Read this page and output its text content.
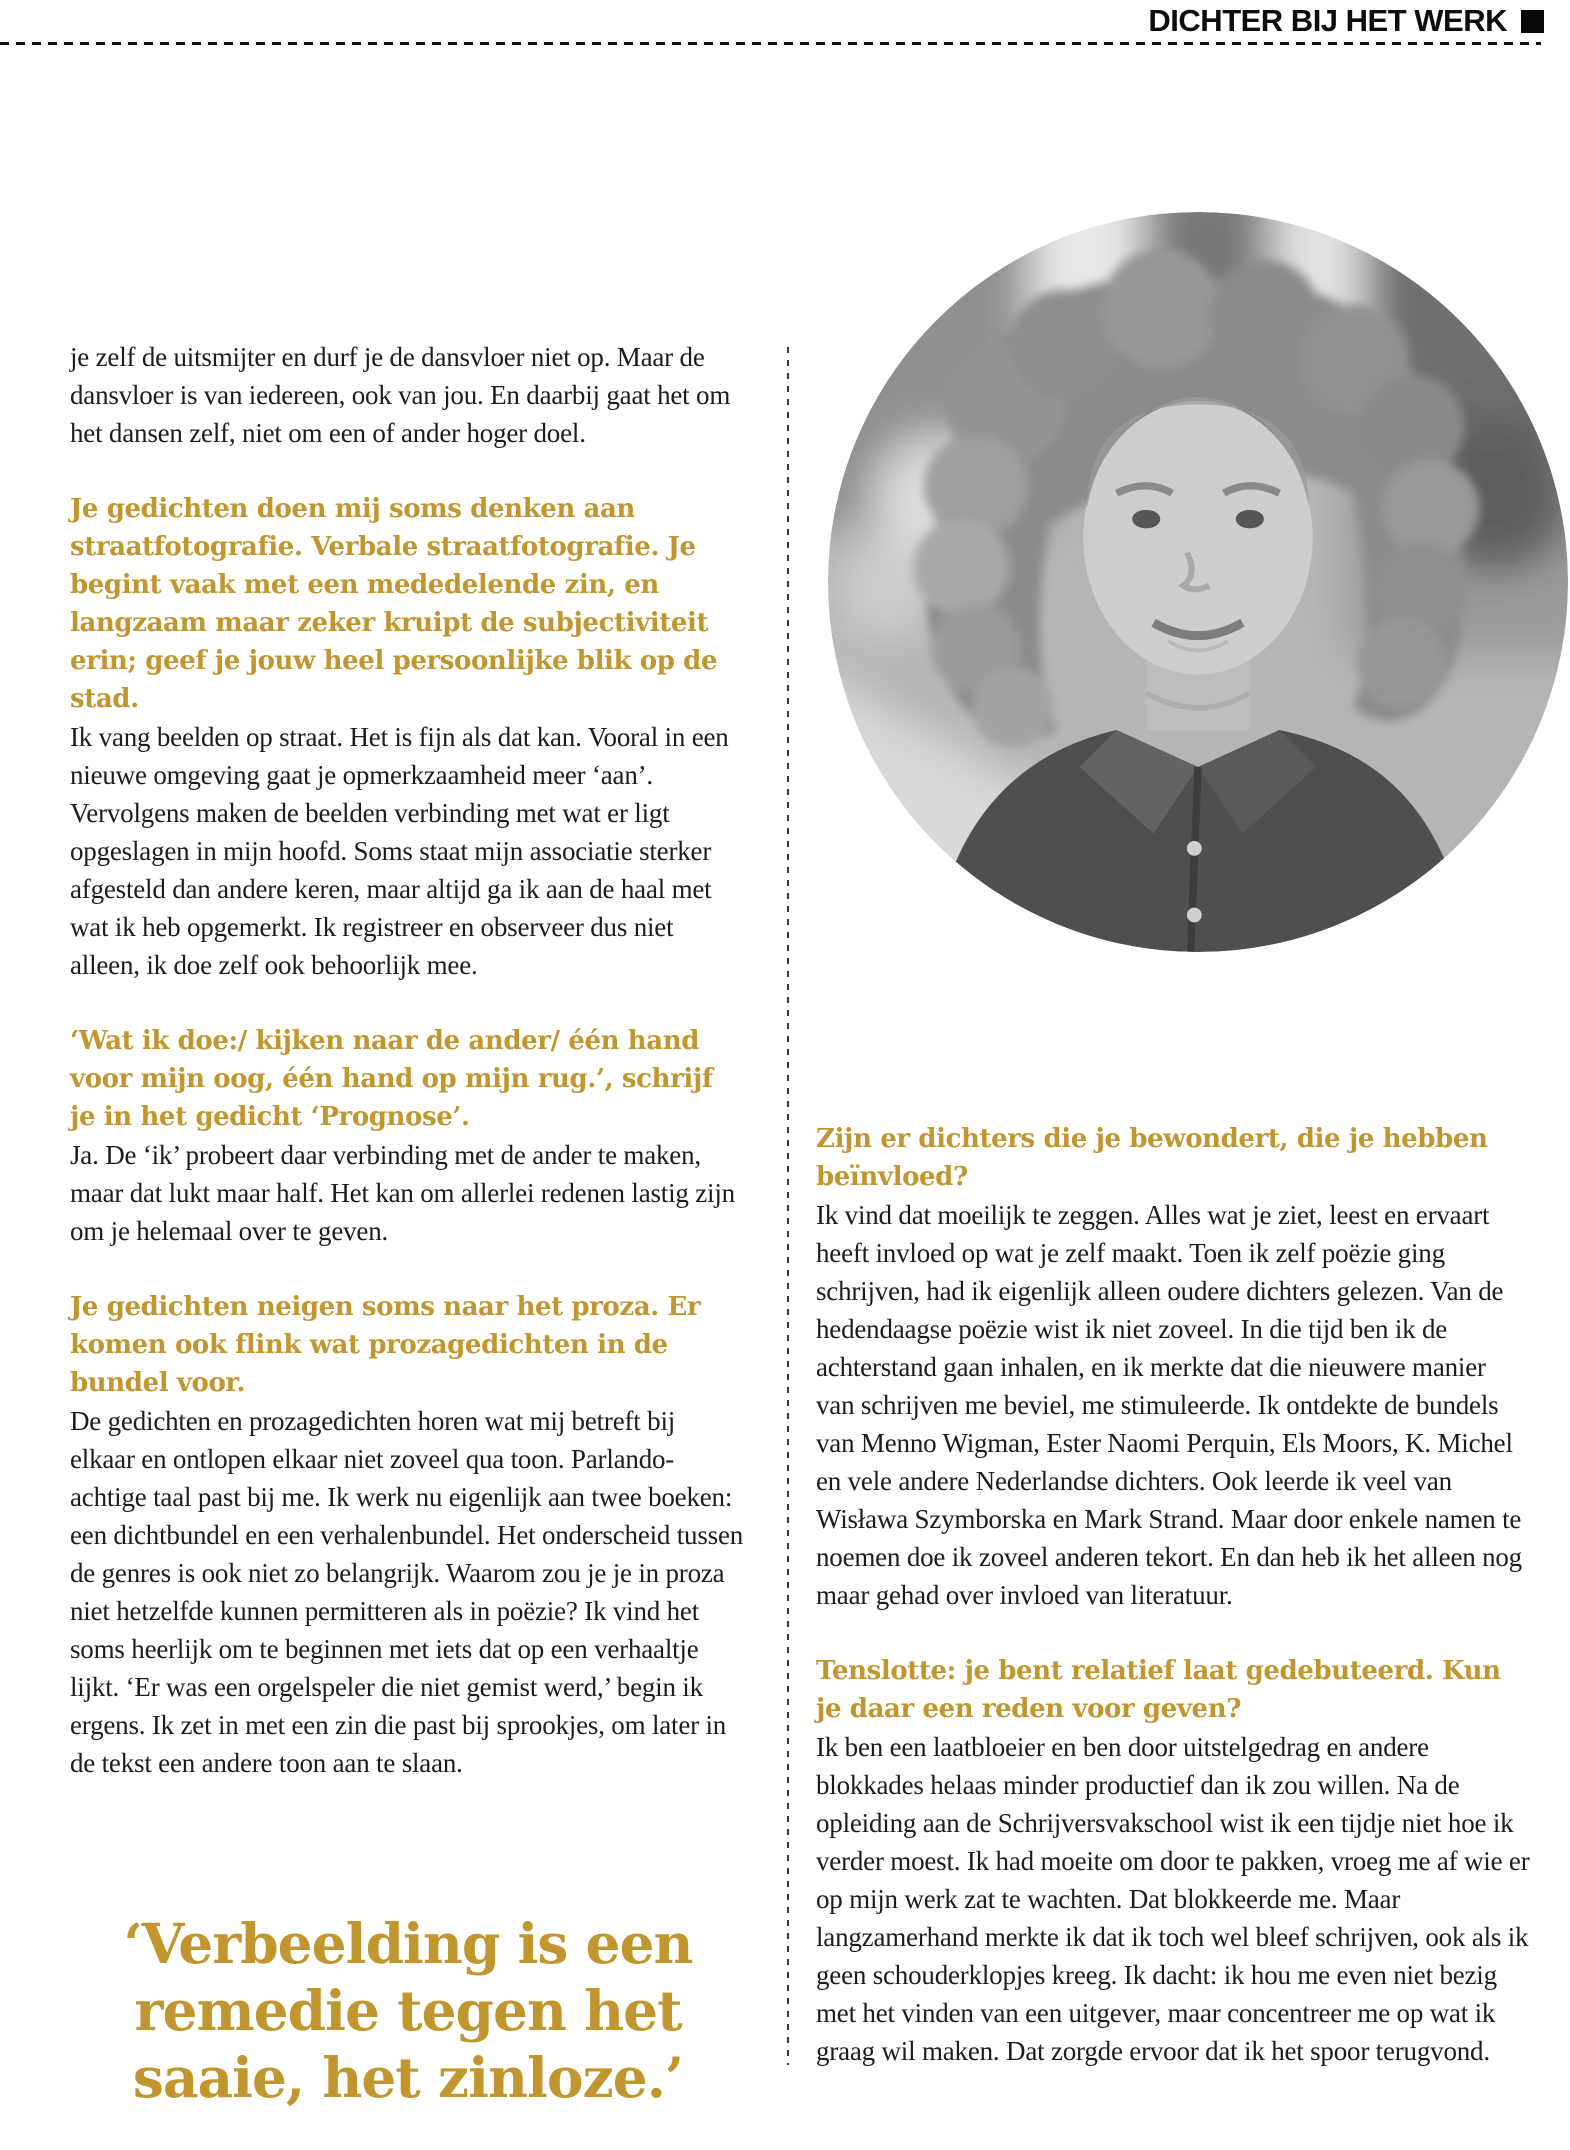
DICHTER BIJ HET WERK

je zelf de uitsmijter en durf je de dansvloer niet op. Maar de dansvloer is van iedereen, ook van jou. En daarbij gaat het om het dansen zelf, niet om een of ander hoger doel.

Je gedichten doen mij soms denken aan straatfotografie. Verbale straatfotografie. Je begint vaak met een mededelende zin, en langzaam maar zeker kruipt de subjectiviteit erin; geef je jouw heel persoonlijke blik op de stad.

Ik vang beelden op straat. Het is fijn als dat kan. Vooral in een nieuwe omgeving gaat je opmerkzaamheid meer ‘aan’. Vervolgens maken de beelden verbinding met wat er ligt opgeslagen in mijn hoofd. Soms staat mijn associatie sterker afgesteld dan andere keren, maar altijd ga ik aan de haal met wat ik heb opgemerkt. Ik registreer en observeer dus niet alleen, ik doe zelf ook behoorlijk mee.

‘Wat ik doe:/ kijken naar de ander/ één hand voor mijn oog, één hand op mijn rug.’, schrijf je in het gedicht ‘Prognose’.

Ja. De ‘ik’ probeert daar verbinding met de ander te maken, maar dat lukt maar half. Het kan om allerlei redenen lastig zijn om je helemaal over te geven.

Je gedichten neigen soms naar het proza. Er komen ook flink wat prozagedichten in de bundel voor.

De gedichten en prozagedichten horen wat mij betreft bij elkaar en ontlopen elkaar niet zoveel qua toon. Parlando-achtige taal past bij me. Ik werk nu eigenlijk aan twee boeken: een dichtbundel en een verhalenbundel. Het onderscheid tussen de genres is ook niet zo belangrijk. Waarom zou je je in proza niet hetzelfde kunnen permitteren als in poëzie? Ik vind het soms heerlijk om te beginnen met iets dat op een verhaaltje lijkt. ‘Er was een orgelspeler die niet gemist werd,’ begin ik ergens. Ik zet in met een zin die past bij sprookjes, om later in de tekst een andere toon aan te slaan.

‘Verbeelding is een remedie tegen het saaie, het zinloze.’

Zijn er dichters die je bewondert, die je hebben beïnvloed?

Ik vind dat moeilijk te zeggen. Alles wat je ziet, leest en ervaart heeft invloed op wat je zelf maakt. Toen ik zelf poëzie ging schrijven, had ik eigenlijk alleen oudere dichters gelezen. Van de hedendaagse poëzie wist ik niet zoveel. In die tijd ben ik de achterstand gaan inhalen, en ik merkte dat die nieuwere manier van schrijven me beviel, me stimuleerde. Ik ontdekte de bundels van Menno Wigman, Ester Naomi Perquin, Els Moors, K. Michel en vele andere Nederlandse dichters. Ook leerde ik veel van Wisława Szymborska en Mark Strand. Maar door enkele namen te noemen doe ik zoveel anderen tekort. En dan heb ik het alleen nog maar gehad over invloed van literatuur.

Tenslotte: je bent relatief laat gedebuteerd. Kun je daar een reden voor geven?

Ik ben een laatbloeier en ben door uitstelgedrag en andere blokkades helaas minder productief dan ik zou willen. Na de opleiding aan de Schrijversvakschool wist ik een tijdje niet hoe ik verder moest. Ik had moeite om door te pakken, vroeg me af wie er op mijn werk zat te wachten. Dat blokkeerde me. Maar langzamerhand merkte ik dat ik toch wel bleef schrijven, ook als ik geen schouderklopjes kreeg. Ik dacht: ik hou me even niet bezig met het vinden van een uitgever, maar concentreer me op wat ik graag wil maken. Dat zorgde ervoor dat ik het spoor terugvond.
